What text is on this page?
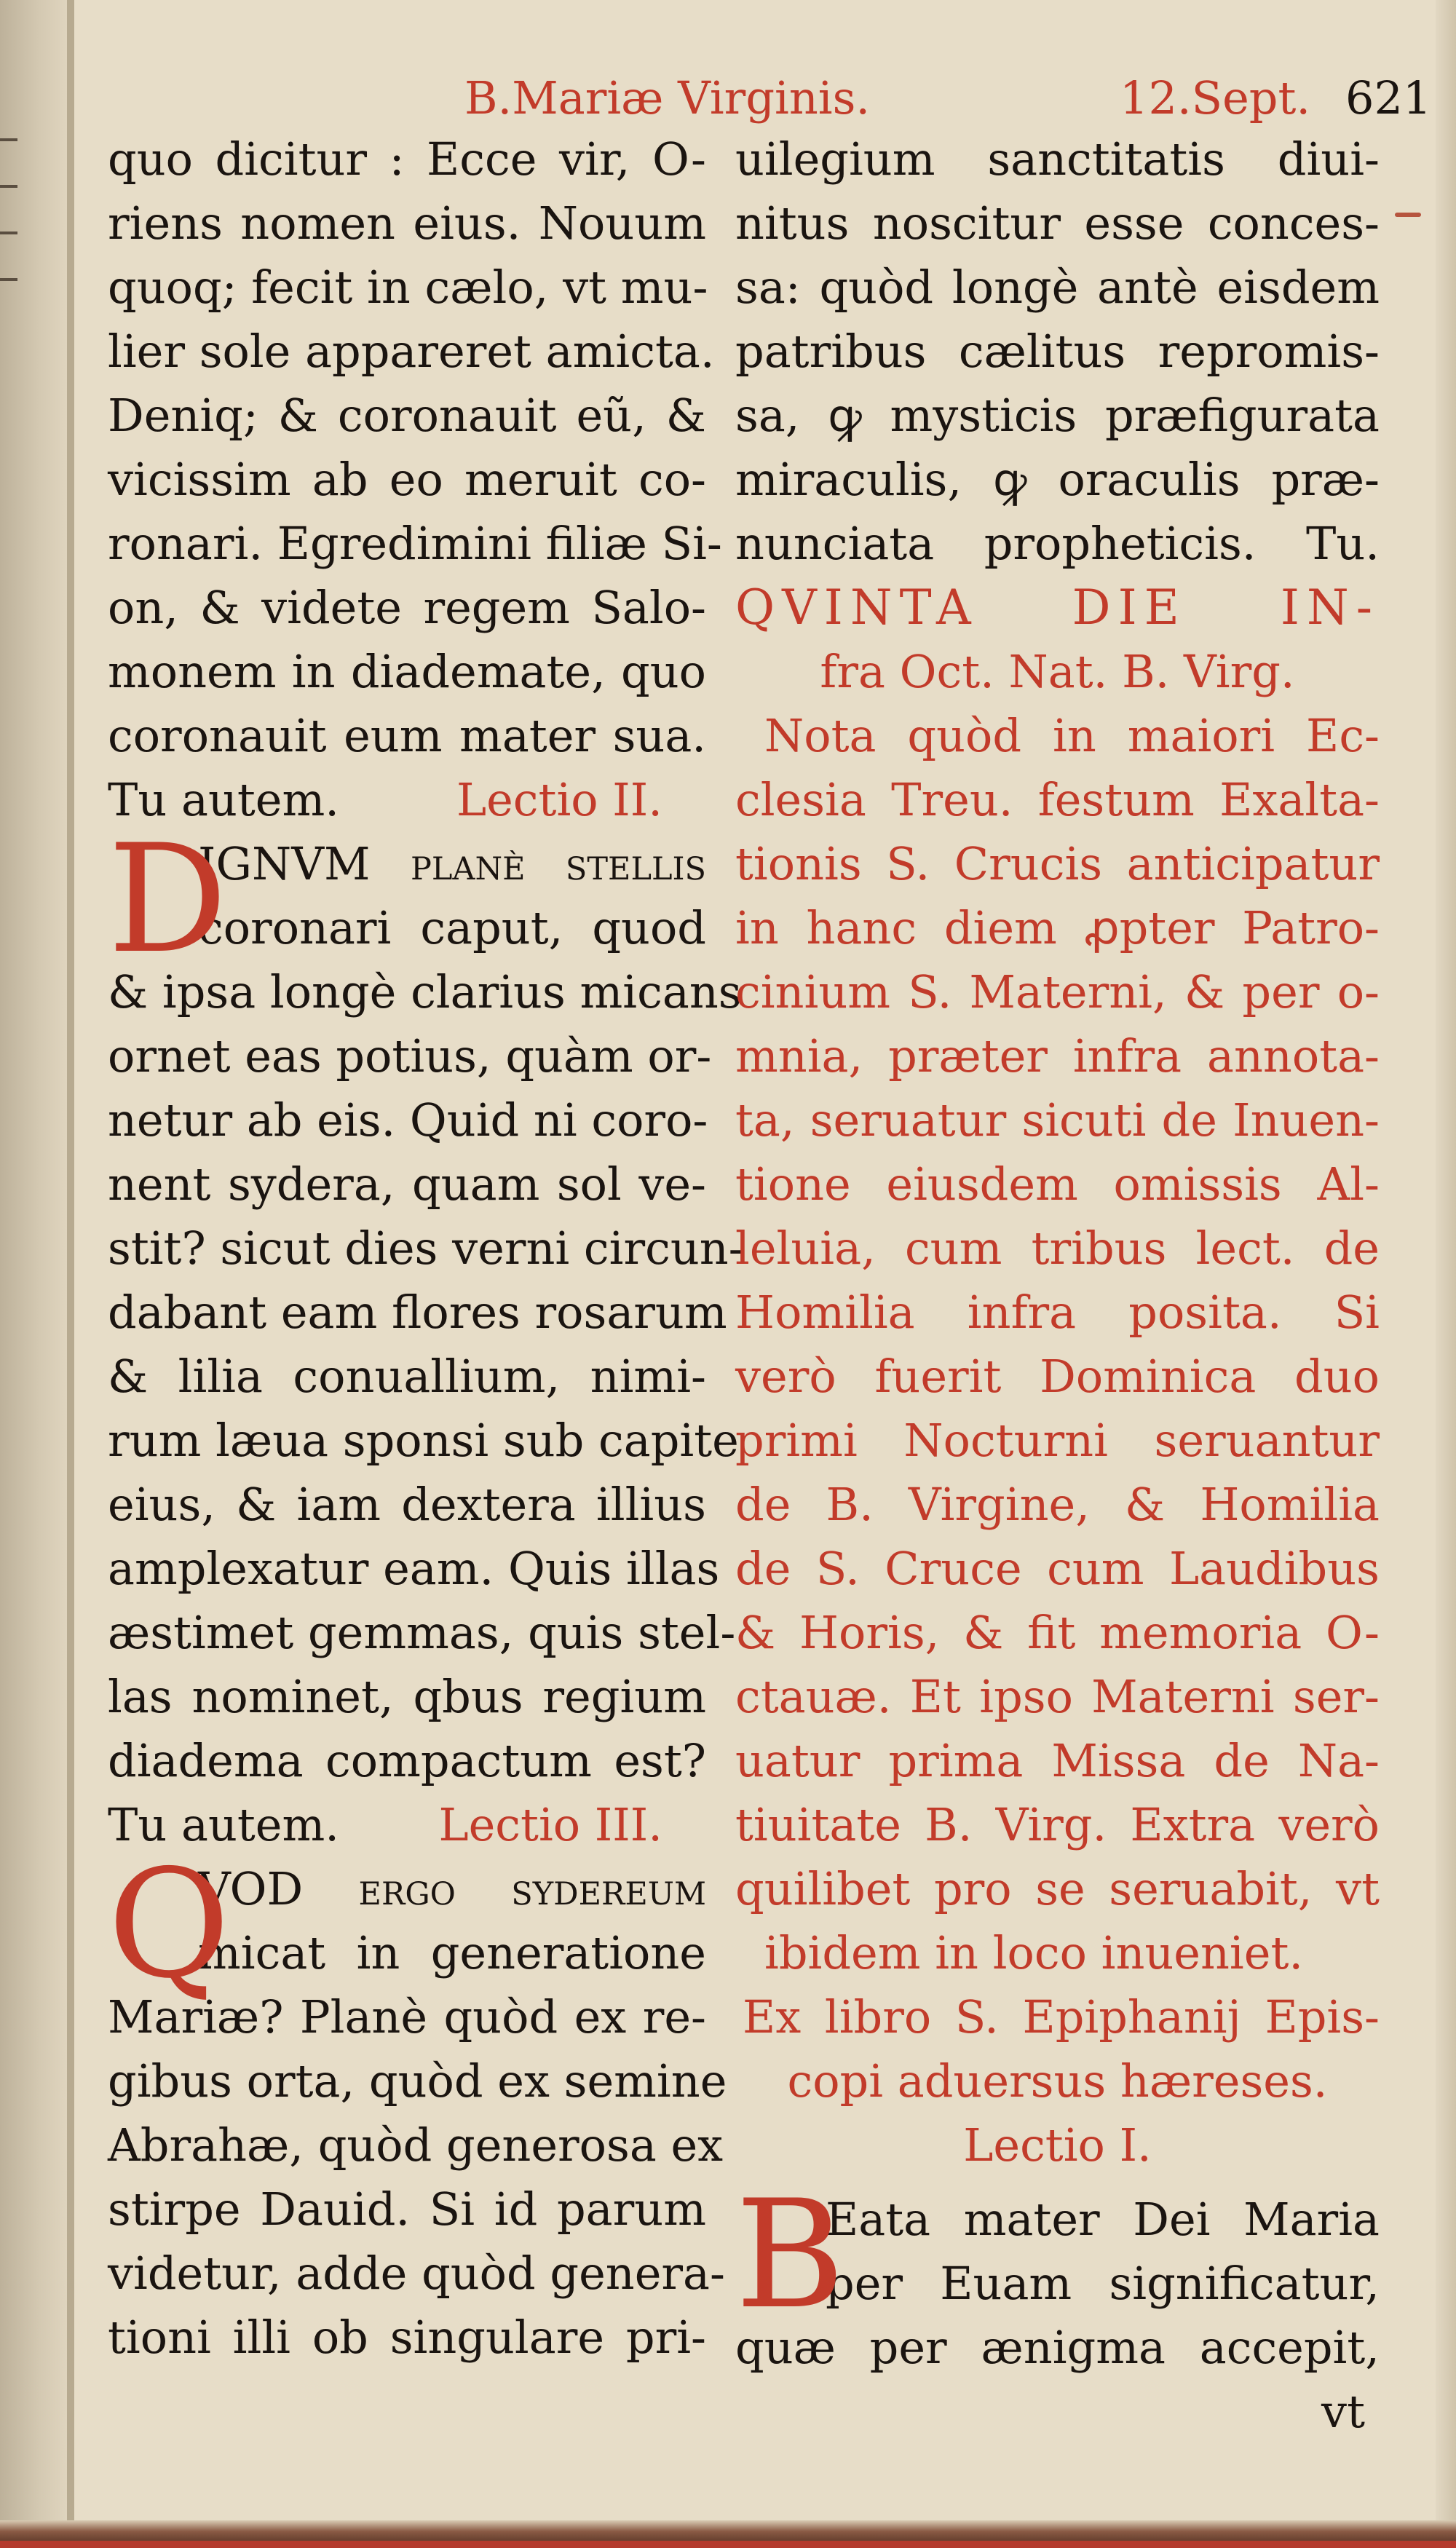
B.Mariæ Virginis.	12.Sept. 621
quo dicitur : Ecce vir, O-
riens nomen eius. Nouum
quoq; fecit in cælo, vt mu-
lier sole appareret amicta.
Deniq; & coronauit eũ, &
vicissim ab eo meruit co-
ronari. Egredimini filiæ Si-
on, & videte regem Salo-
monem in diademate, quo
coronauit eum mater sua.
Tu autem.	Lectio II.
D
IGNVM planè stellis
coronari caput, quod
& ipsa longè clarius micans
ornet eas potius, quàm or-
netur ab eis. Quid ni coro-
nent sydera, quam sol ve-
stit? sicut dies verni circun-
dabant eam flores rosarum
& lilia conuallium, nimi-
rum læua sponsi sub capite
eius, & iam dextera illius
amplexatur eam. Quis illas
æstimet gemmas, quis stel-
las nominet, qbus regium
diadema compactum est?
Tu autem. Lectio III.
Q
VOD ergo sydereum
micat in generatione
Mariæ? Planè quòd ex re-
gibus orta, quòd ex semine
Abrahæ, quòd generosa ex
stirpe Dauid. Si id parum
videtur, adde quòd genera-
tioni illi ob singulare pri-
uilegium sanctitatis diui-
nitus noscitur esse conces-
sa: quòd longè antè eisdem
patribus cælitus repromis-
sa, ꝙ mysticis præfigurata
miraculis, ꝙ oraculis præ-
nunciata propheticis. Tu.
QVINTA DIE IN-
fra Oct. Nat. B. Virg.
Nota quòd in maiori Ec-
clesia Treu. festum Exalta-
tionis S. Crucis anticipatur
in hanc diem ꝓpter Patro-
cinium S. Materni, & per o-
mnia, præter infra annota-
ta, seruatur sicuti de Inuen-
tione eiusdem omissis Al-
leluia, cum tribus lect. de
Homilia infra posita. Si
verò fuerit Dominica duo
primi Nocturni seruantur
de B. Virgine, & Homilia
de S. Cruce cum Laudibus
& Horis, & fit memoria O-
ctauæ. Et ipso Materni ser-
uatur prima Missa de Na-
tiuitate B. Virg. Extra verò
quilibet pro se seruabit, vt
ibidem in loco inueniet.
Ex libro S. Epiphanij Epis-
copi aduersus hæreses.
Lectio I.
B
Eata mater Dei Maria
per Euam significatur,
quæ per ænigma accepit,
vt
